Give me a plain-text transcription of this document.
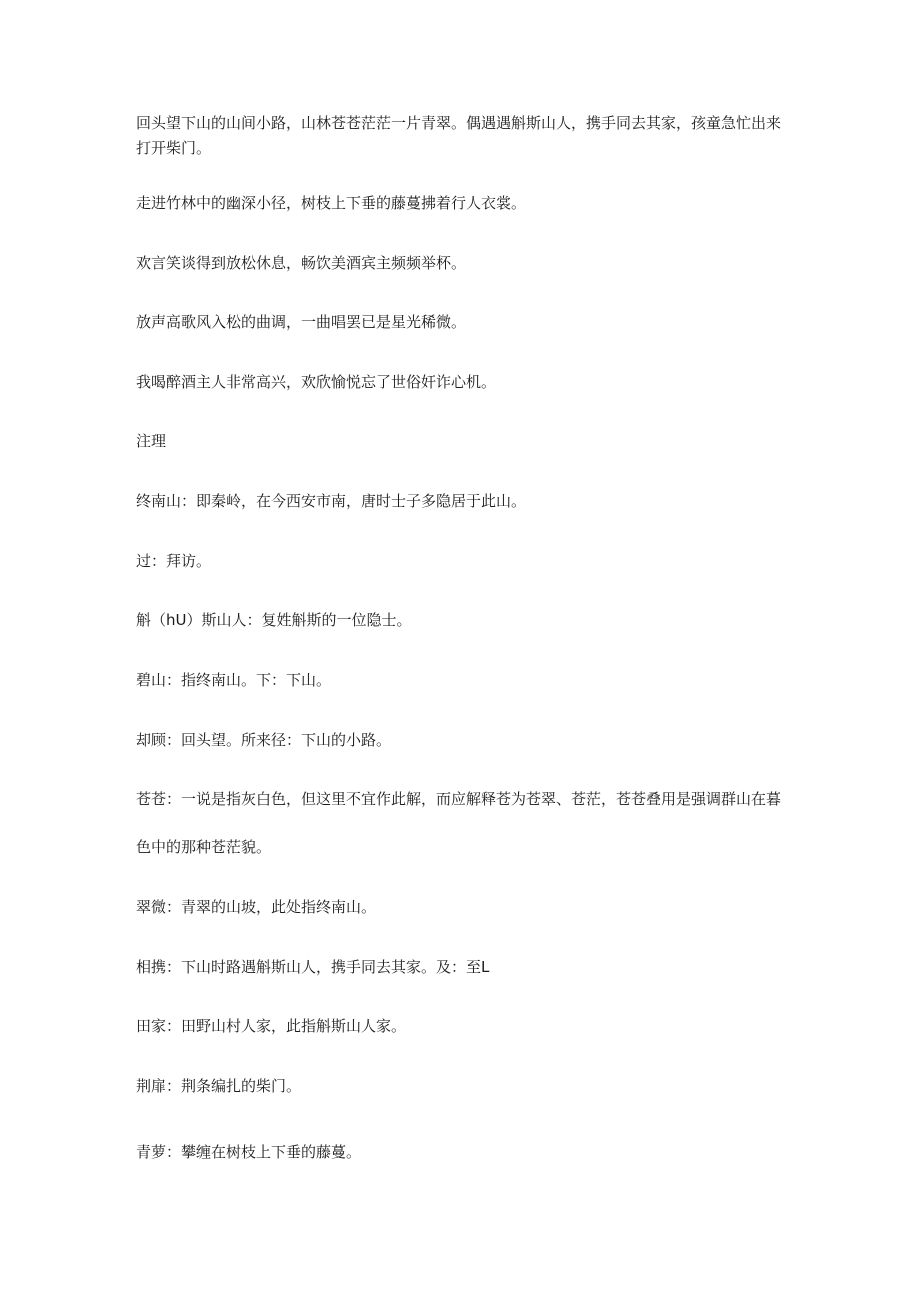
回头望下山的山间小路，山林苍苍茫茫一片青翠。偶遇遇斛斯山人，携手同去其家，孩童急忙出来

打开柴门。

走进竹林中的幽深小径，树枝上下垂的藤蔓拂着行人衣裳。

欢言笑谈得到放松休息，畅饮美酒宾主频频举杯。

放声高歌风入松的曲调，一曲唱罢已是星光稀微。

我喝醉酒主人非常高兴，欢欣愉悦忘了世俗奸诈心机。

注理

终南山：即秦岭，在今西安市南，唐时士子多隐居于此山。

过：拜访。

斛（hU）斯山人：复姓斛斯的一位隐士。

碧山：指终南山。下：下山。

却顾：回头望。所来径：下山的小路。

苍苍：一说是指灰白色，但这里不宜作此解，而应解释苍为苍翠、苍茫，苍苍叠用是强调群山在暮

色中的那种苍茫貌。

翠微：青翠的山坡，此处指终南山。

相携：下山时路遇斛斯山人，携手同去其家。及：至L

田家：田野山村人家，此指斛斯山人家。

荆扉：荆条编扎的柴门。

青萝：攀缠在树枝上下垂的藤蔓。
